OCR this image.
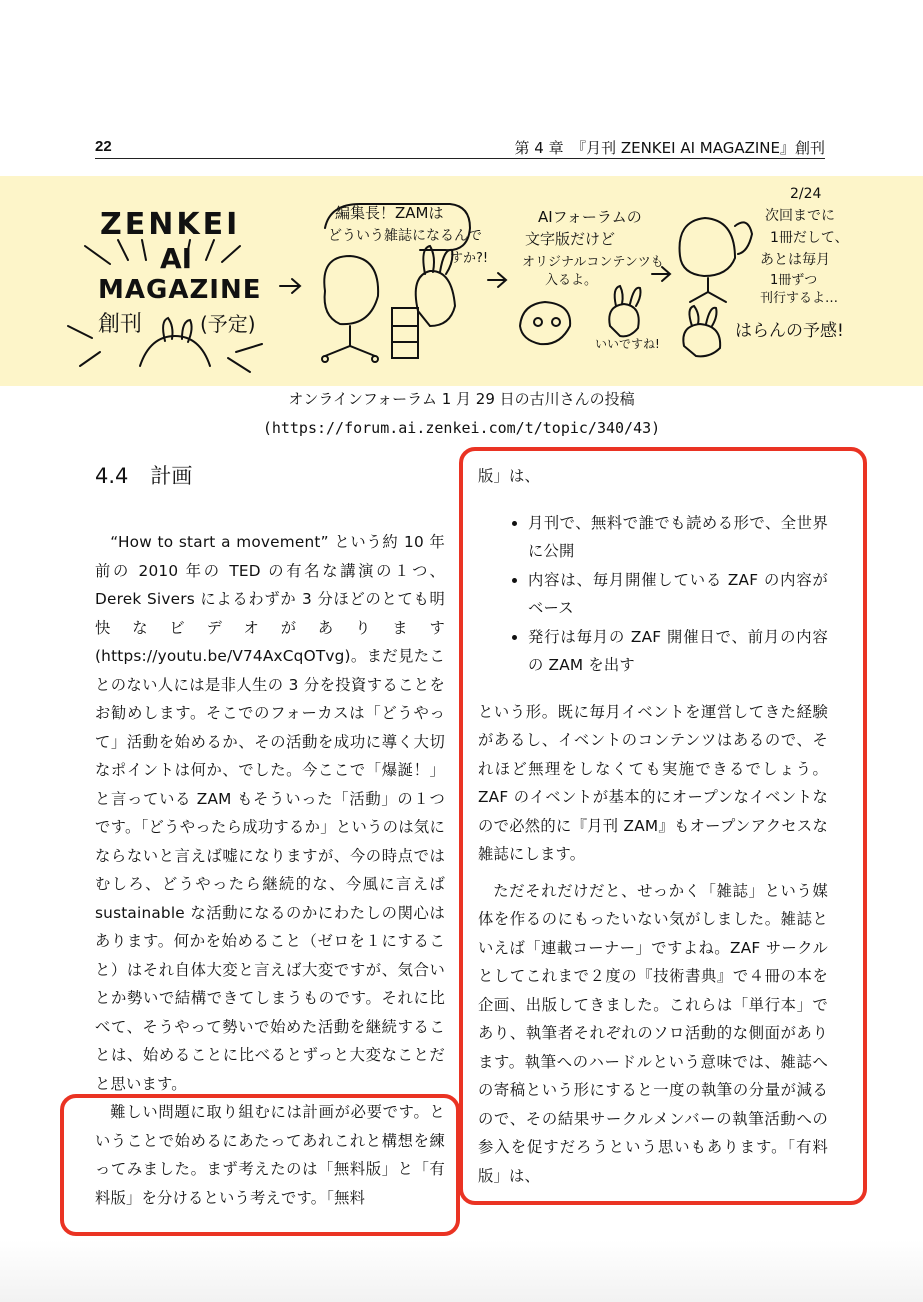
22	第 4 章　『月刊 ZENKEI AI MAGAZINE』創刊
ZENKEI
AI
MAGAZINE
創刊	(予定)
編集長！ZAMは
どういう雑誌になるんで
すか?!
AIフォーラムの
文字版だけど
オリジナルコンテンツも
入るよ。
いいですね!
2/24
次回までに
1冊だして、
あとは毎月
1冊ずつ
刊行するよ…
はらんの予感!
オンラインフォーラム 1 月 29 日の古川さんの投稿
(https://forum.ai.zenkei.com/t/topic/340/43)
4.4 計画

“How to start a movement” という約 10 年前の 2010 年の TED の有名な講演の１つ、Derek Sivers によるわずか 3 分ほどのとても明快なビデオがあります (https://youtu.be/V74AxCqOTvg)。まだ見たことのない人には是非人生の 3 分を投資することをお勧めします。そこでのフォーカスは「どうやって」活動を始めるか、その活動を成功に導く大切なポイントは何か、でした。今ここで「爆誕！」と言っている ZAM もそういった「活動」の１つです。「どうやったら成功するか」というのは気にならないと言えば嘘になりますが、今の時点ではむしろ、どうやったら継続的な、今風に言えば sustainable な活動になるのかにわたしの関心はあります。何かを始めること（ゼロを１にすること）はそれ自体大変と言えば大変ですが、気合いとか勢いで結構できてしまうものです。それに比べて、そうやって勢いで始めた活動を継続することは、始めることに比べるとずっと大変なことだと思います。

難しい問題に取り組むには計画が必要です。ということで始めるにあたってあれこれと構想を練ってみました。まず考えたのは「無料版」と「有料版」を分けるという考えです。「無料

版」は、

• 月刊で、無料で誰でも読める形で、全世界に公開
• 内容は、毎月開催している ZAF の内容がベース
• 発行は毎月の ZAF 開催日で、前月の内容の ZAM を出す

という形。既に毎月イベントを運営してきた経験があるし、イベントのコンテンツはあるので、それほど無理をしなくても実施できるでしょう。ZAF のイベントが基本的にオープンなイベントなので必然的に『月刊 ZAM』もオープンアクセスな雑誌にします。

ただそれだけだと、せっかく「雑誌」という媒体を作るのにもったいない気がしました。雑誌といえば「連載コーナー」ですよね。ZAF サークルとしてこれまで２度の『技術書典』で４冊の本を企画、出版してきました。これらは「単行本」であり、執筆者それぞれのソロ活動的な側面があります。執筆へのハードルという意味では、雑誌への寄稿という形にすると一度の執筆の分量が減るので、その結果サークルメンバーの執筆活動への参入を促すだろうという思いもあります。「有料版」は、
